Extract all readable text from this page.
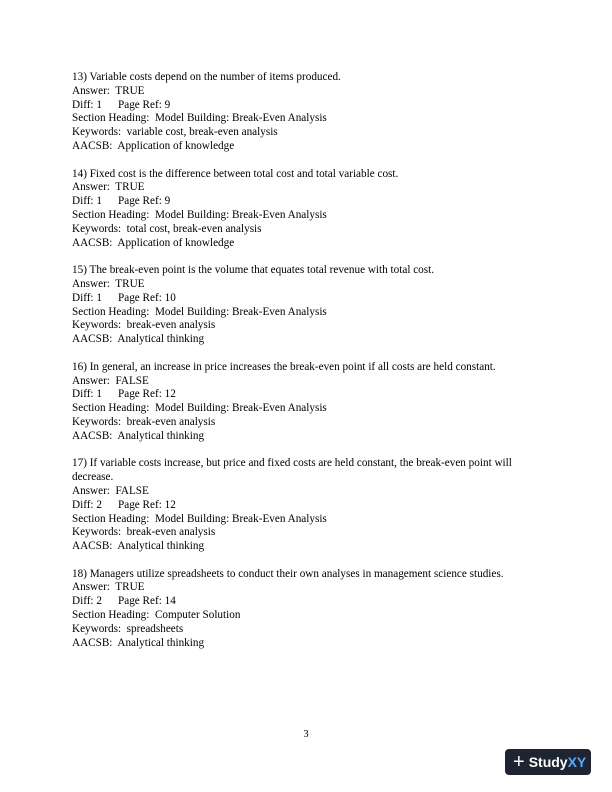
13) Variable costs depend on the number of items produced.
Answer:  TRUE
Diff: 1 Page Ref: 9
Section Heading:  Model Building: Break-Even Analysis
Keywords:  variable cost, break-even analysis
AACSB:  Application of knowledge
14) Fixed cost is the difference between total cost and total variable cost.
Answer:  TRUE
Diff: 1 Page Ref: 9
Section Heading:  Model Building: Break-Even Analysis
Keywords:  total cost, break-even analysis
AACSB:  Application of knowledge
15) The break-even point is the volume that equates total revenue with total cost.
Answer:  TRUE
Diff: 1 Page Ref: 10
Section Heading:  Model Building: Break-Even Analysis
Keywords:  break-even analysis
AACSB:  Analytical thinking
16) In general, an increase in price increases the break-even point if all costs are held constant.
Answer:  FALSE
Diff: 1 Page Ref: 12
Section Heading:  Model Building: Break-Even Analysis
Keywords:  break-even analysis
AACSB:  Analytical thinking
17) If variable costs increase, but price and fixed costs are held constant, the break-even point will decrease.
Answer:  FALSE
Diff: 2 Page Ref: 12
Section Heading:  Model Building: Break-Even Analysis
Keywords:  break-even analysis
AACSB:  Analytical thinking
18) Managers utilize spreadsheets to conduct their own analyses in management science studies.
Answer:  TRUE
Diff: 2 Page Ref: 14
Section Heading:  Computer Solution
Keywords:  spreadsheets
AACSB:  Analytical thinking
3
+ Study XY
